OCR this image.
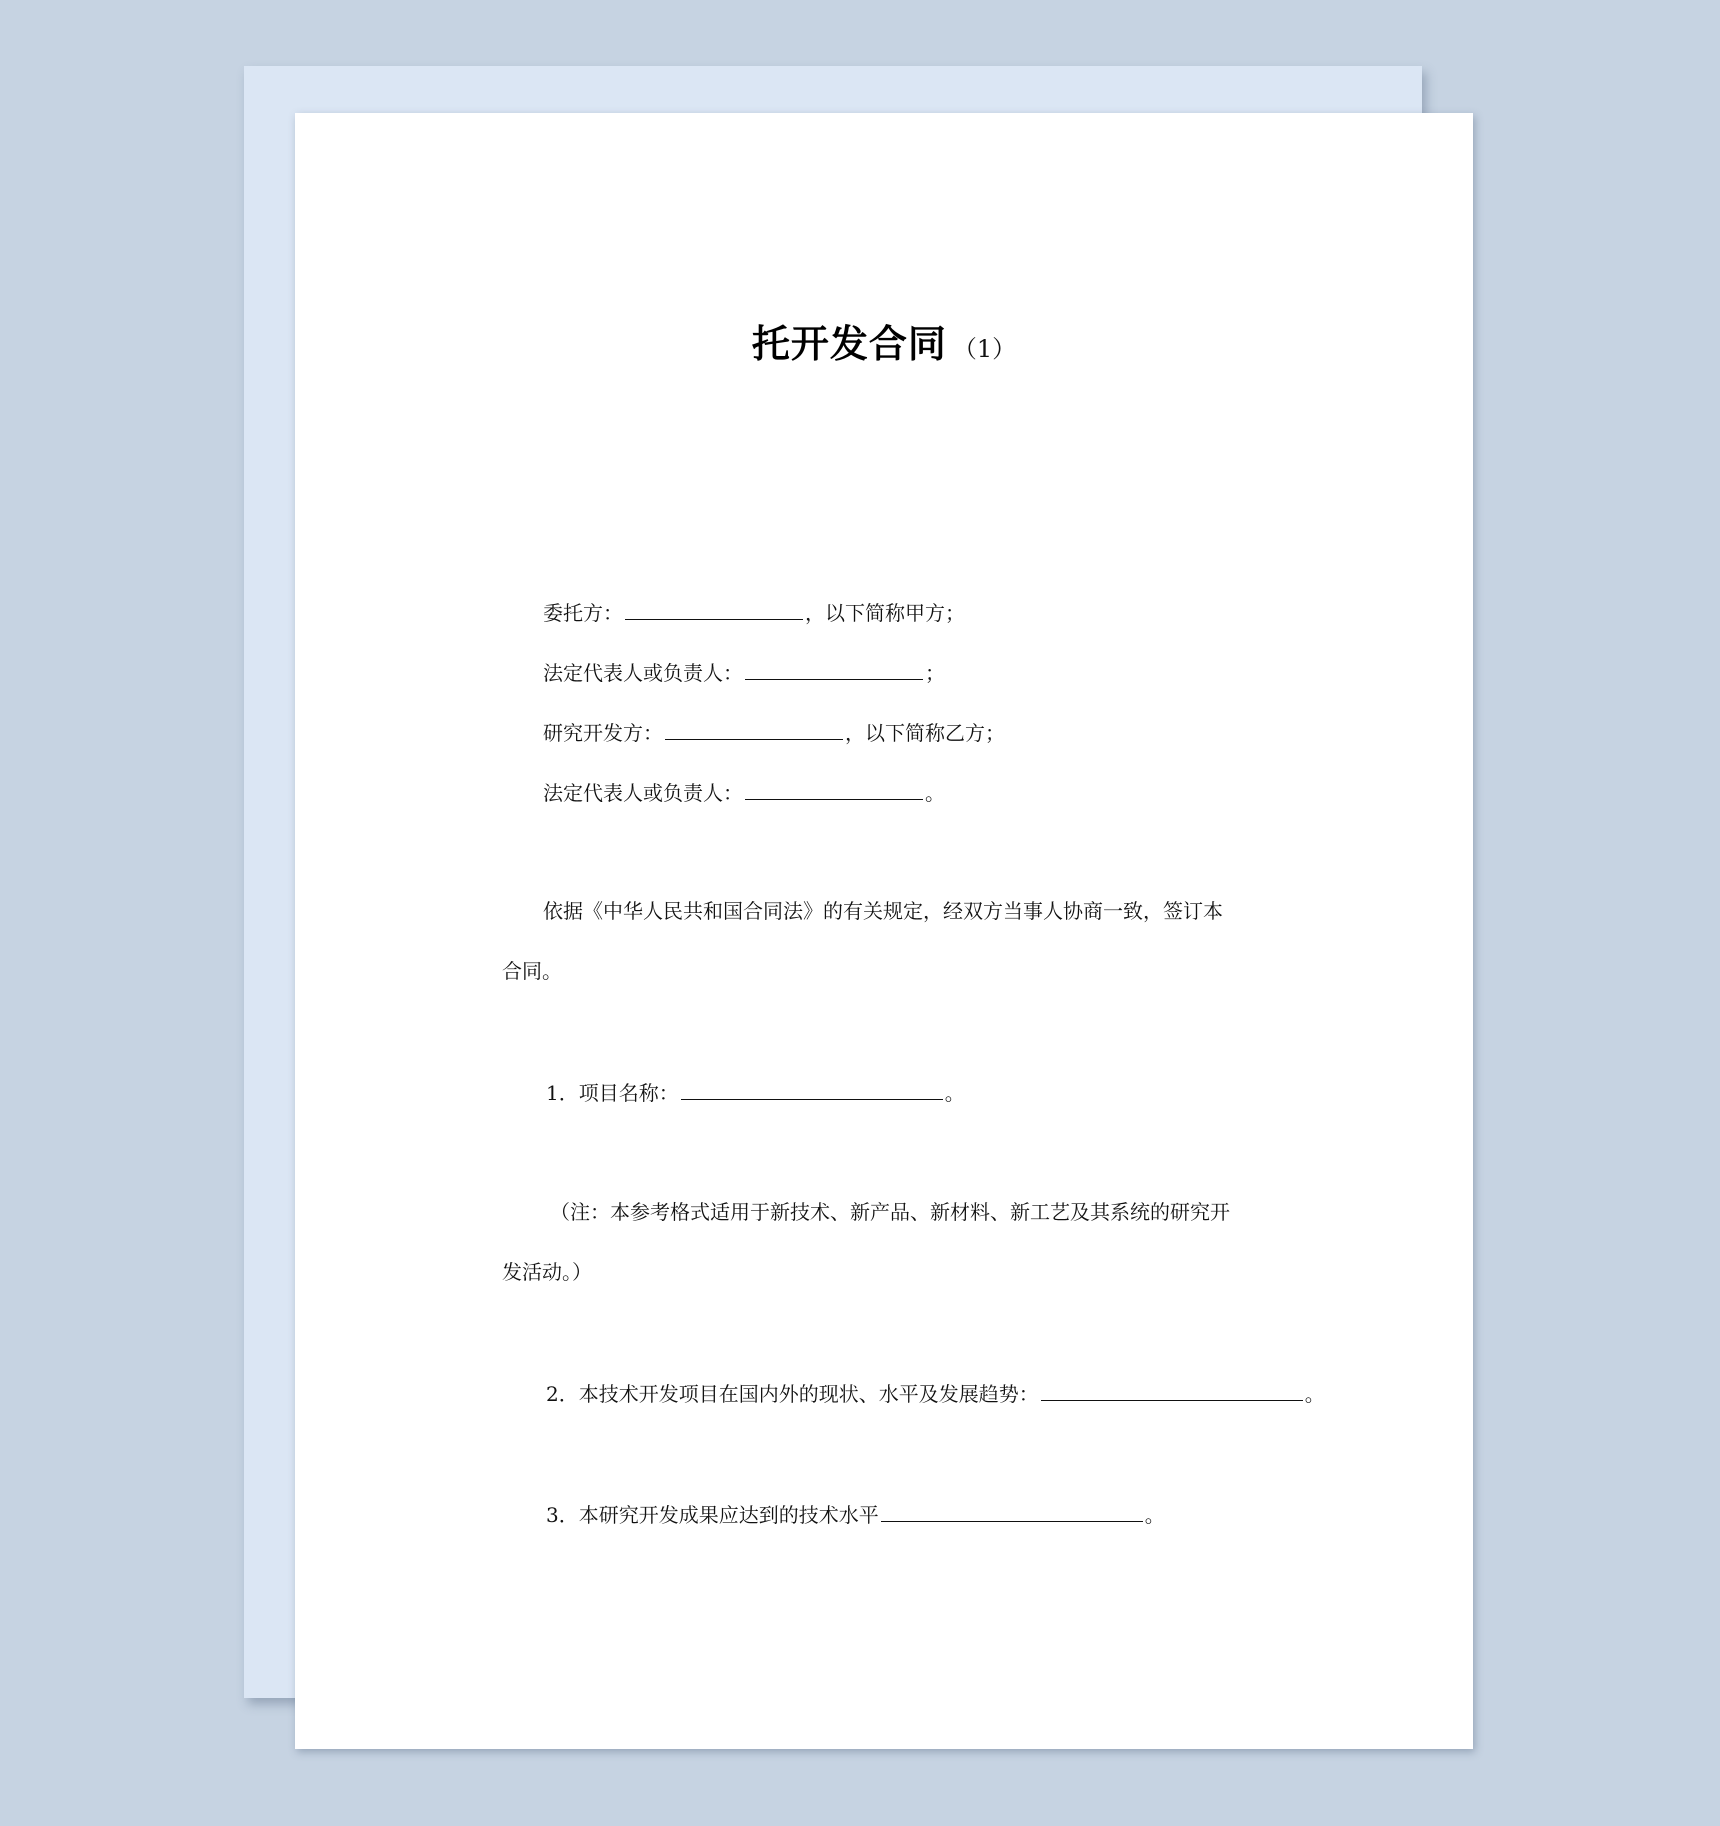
托开发合同 （1）
委托方：	，以下简称甲方；
法定代表人或负责人：	；
研究开发方：	，以下简称乙方；
法定代表人或负责人：	。
依据《中华人民共和国合同法》的有关规定，经双方当事人协商一致，签订本
合同。
1．项目名称：	。
（注：本参考格式适用于新技术、新产品、新材料、新工艺及其系统的研究开
发活动。）
2．本技术开发项目在国内外的现状、水平及发展趋势：	。
3．本研究开发成果应达到的技术水平	。
